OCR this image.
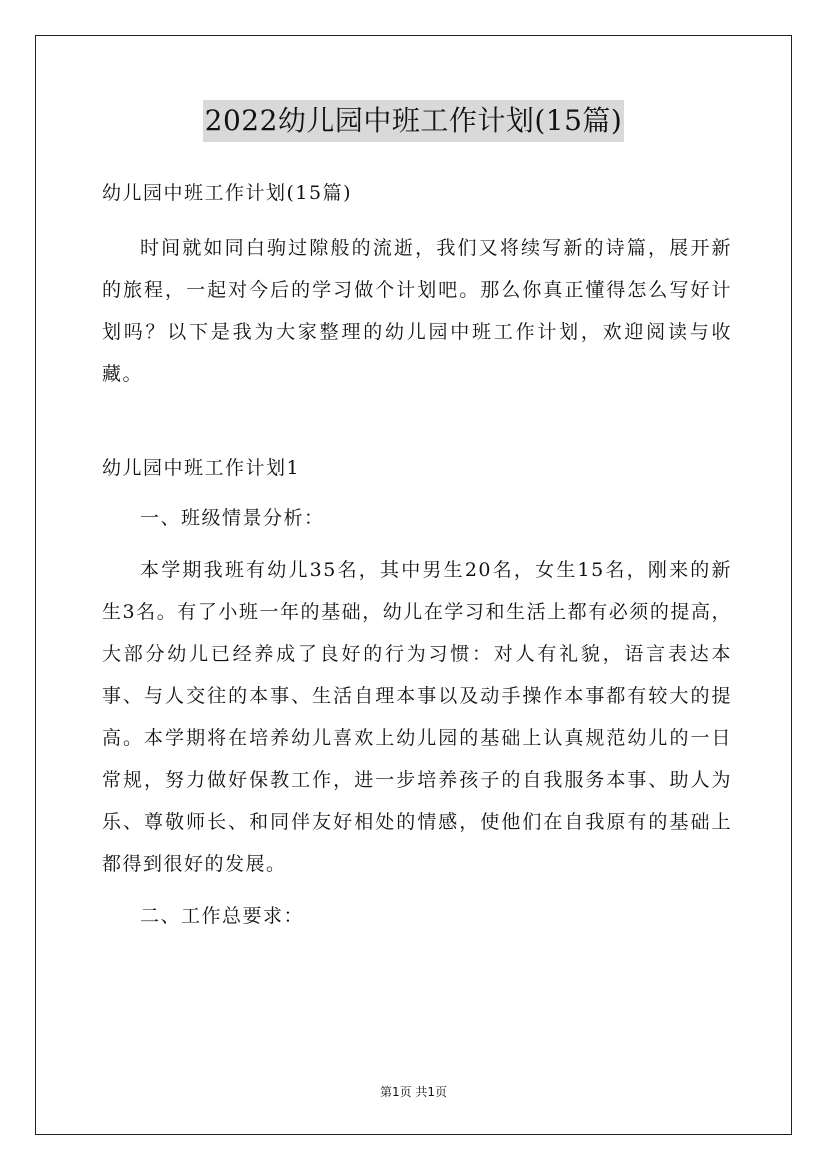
2022幼儿园中班工作计划(15篇)

幼儿园中班工作计划(15篇)

时间就如同白驹过隙般的流逝，我们又将续写新的诗篇，展开新的旅程，一起对今后的学习做个计划吧。那么你真正懂得怎么写好计划吗？以下是我为大家整理的幼儿园中班工作计划，欢迎阅读与收藏。

幼儿园中班工作计划1

一、班级情景分析：

本学期我班有幼儿35名，其中男生20名，女生15名，刚来的新生3名。有了小班一年的基础，幼儿在学习和生活上都有必须的提高，大部分幼儿已经养成了良好的行为习惯：对人有礼貌，语言表达本事、与人交往的本事、生活自理本事以及动手操作本事都有较大的提高。本学期将在培养幼儿喜欢上幼儿园的基础上认真规范幼儿的一日常规，努力做好保教工作，进一步培养孩子的自我服务本事、助人为乐、尊敬师长、和同伴友好相处的情感，使他们在自我原有的基础上都得到很好的发展。

二、工作总要求：

第1页 共1页
